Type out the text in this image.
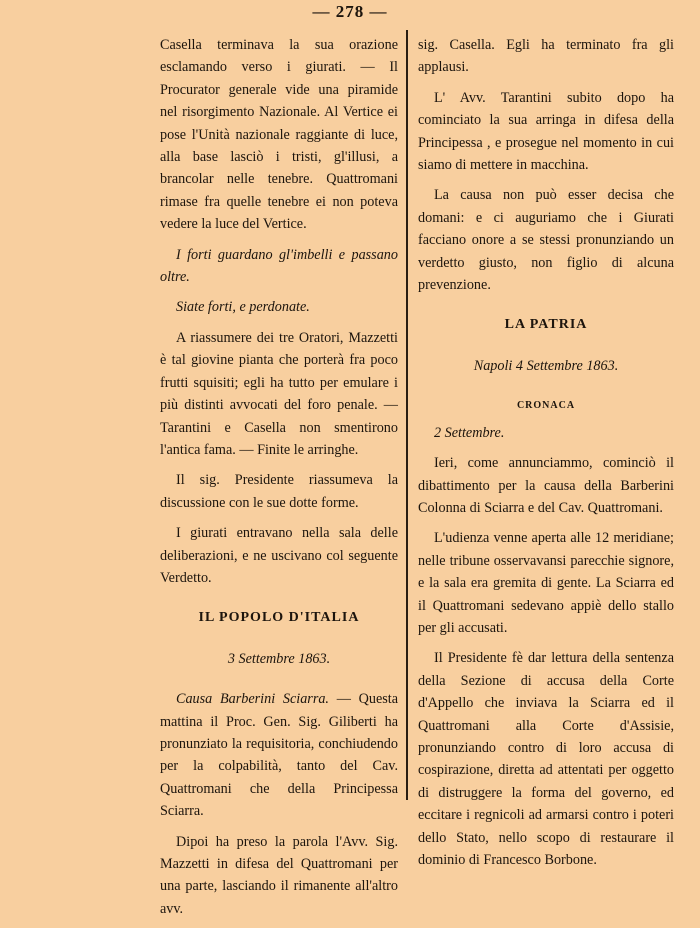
— 278 —

Casella terminava la sua orazione esclamando verso i giurati. — Il Procurator generale vide una piramide nel risorgimento Nazionale. Al Vertice ei pose l'Unità nazionale raggiante di luce, alla base lasciò i tristi, gl'illusi, a brancolar nelle tenebre. Quattromani rimase fra quelle tenebre ei non poteva vedere la luce del Vertice.

I forti guardano gl'imbelli e passano oltre.

Siate forti, e perdonate.

A riassumere dei tre Oratori, Mazzetti è tal giovine pianta che porterà fra poco frutti squisiti; egli ha tutto per emulare i più distinti avvocati del foro penale. — Tarantini e Casella non smentirono l'antica fama. — Finite le arringhe.

Il sig. Presidente riassumeva la discussione con le sue dotte forme.

I giurati entravano nella sala delle deliberazioni, e ne uscivano col seguente Verdetto.

IL POPOLO D'ITALIA
3 Settembre 1863.

Causa Barberini Sciarra. — Questa mattina il Proc. Gen. Sig. Giliberti ha pronunziato la requisitoria, conchiudendo per la colpabilità, tanto del Cav. Quattromani che della Principessa Sciarra.

Dipoi ha preso la parola l'Avv. Sig. Mazzetti in difesa del Quattromani per una parte, lasciando il rimanente all'altro avv.

sig. Casella. Egli ha terminato fra gli applausi.

L' Avv. Tarantini subito dopo ha cominciato la sua arringa in difesa della Principessa , e prosegue nel momento in cui siamo di mettere in macchina.

La causa non può esser decisa che domani: e ci auguriamo che i Giurati facciano onore a se stessi pronunziando un verdetto giusto, non figlio di alcuna prevenzione.

LA PATRIA
Napoli 4 Settembre 1863.
CRONACA

2 Settembre.

Ieri, come annunciammo, cominciò il dibattimento per la causa della Barberini Colonna di Sciarra e del Cav. Quattromani.

L'udienza venne aperta alle 12 meridiane; nelle tribune osservavansi parecchie signore, e la sala era gremita di gente. La Sciarra ed il Quattromani sedevano appiè dello stallo per gli accusati.

Il Presidente fè dar lettura della sentenza della Sezione di accusa della Corte d'Appello che inviava la Sciarra ed il Quattromani alla Corte d'Assisie, pronunziando contro di loro accusa di cospirazione, diretta ad attentati per oggetto di distruggere la forma del governo, ed eccitare i regnicoli ad armarsi contro i poteri dello Stato, nello scopo di restaurare il dominio di Francesco Borbone.
